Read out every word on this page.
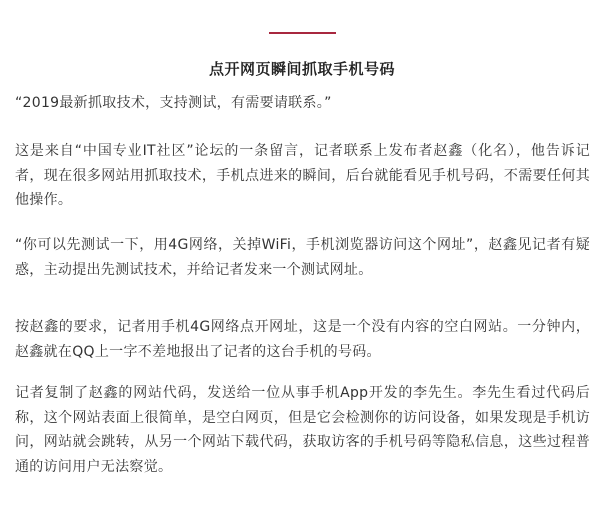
点开网页瞬间抓取手机号码

“2019最新抓取技术，支持测试，有需要请联系。”

这是来自“中国专业IT社区”论坛的一条留言，记者联系上发布者赵鑫（化名），他告诉记者，现在很多网站用抓取技术，手机点进来的瞬间，后台就能看见手机号码，不需要任何其他操作。

“你可以先测试一下，用4G网络，关掉WiFi，手机浏览器访问这个网址”，赵鑫见记者有疑惑，主动提出先测试技术，并给记者发来一个测试网址。

按赵鑫的要求，记者用手机4G网络点开网址，这是一个没有内容的空白网站。一分钟内，赵鑫就在QQ上一字不差地报出了记者的这台手机的号码。

记者复制了赵鑫的网站代码，发送给一位从事手机App开发的李先生。李先生看过代码后称，这个网站表面上很简单，是空白网页，但是它会检测你的访问设备，如果发现是手机访问，网站就会跳转，从另一个网站下载代码，获取访客的手机号码等隐私信息，这些过程普通的访问用户无法察觉。
